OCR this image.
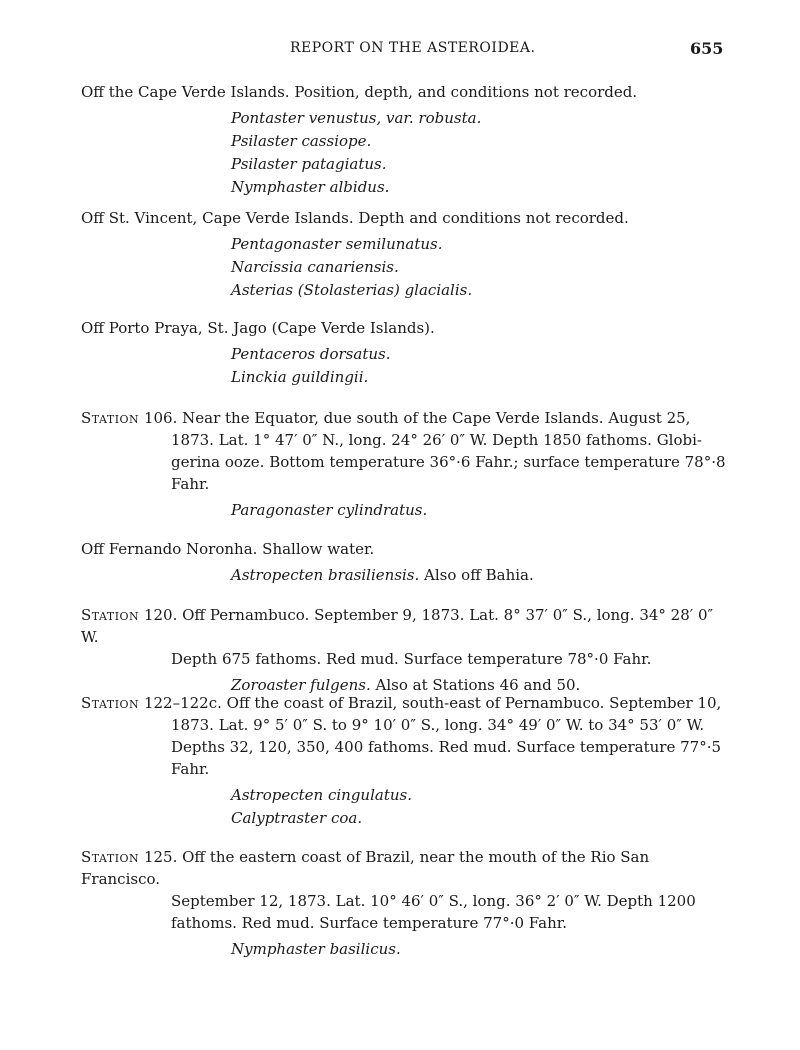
REPORT ON THE ASTEROIDEA.	655

Off the Cape Verde Islands. Position, depth, and conditions not recorded.

Pontaster venustus, var. robusta.
Psilaster cassiope.
Psilaster patagiatus.
Nymphaster albidus.

Off St. Vincent, Cape Verde Islands. Depth and conditions not recorded.

Pentagonaster semilunatus.
Narcissia canariensis.
Asterias (Stolasterias) glacialis.

Off Porto Praya, St. Jago (Cape Verde Islands).

Pentaceros dorsatus.
Linckia guildingii.

Station 106. Near the Equator, due south of the Cape Verde Islands. August 25,

1873. Lat. 1° 47′ 0″ N., long. 24° 26′ 0″ W. Depth 1850 fathoms. Globi-

gerina ooze. Bottom temperature 36°·6 Fahr.; surface temperature 78°·8

Fahr.

Paragonaster cylindratus.

Off Fernando Noronha. Shallow water.

Astropecten brasiliensis. Also off Bahia.

Station 120. Off Pernambuco. September 9, 1873. Lat. 8° 37′ 0″ S., long. 34° 28′ 0″ W.

Depth 675 fathoms. Red mud. Surface temperature 78°·0 Fahr.

Zoroaster fulgens. Also at Stations 46 and 50.

Station 122–122c. Off the coast of Brazil, south-east of Pernambuco. September 10,

1873. Lat. 9° 5′ 0″ S. to 9° 10′ 0″ S., long. 34° 49′ 0″ W. to 34° 53′ 0″ W.

Depths 32, 120, 350, 400 fathoms. Red mud. Surface temperature 77°·5

Fahr.

Astropecten cingulatus.
Calyptraster coa.

Station 125. Off the eastern coast of Brazil, near the mouth of the Rio San Francisco.

September 12, 1873. Lat. 10° 46′ 0″ S., long. 36° 2′ 0″ W. Depth 1200

fathoms. Red mud. Surface temperature 77°·0 Fahr.

Nymphaster basilicus.
